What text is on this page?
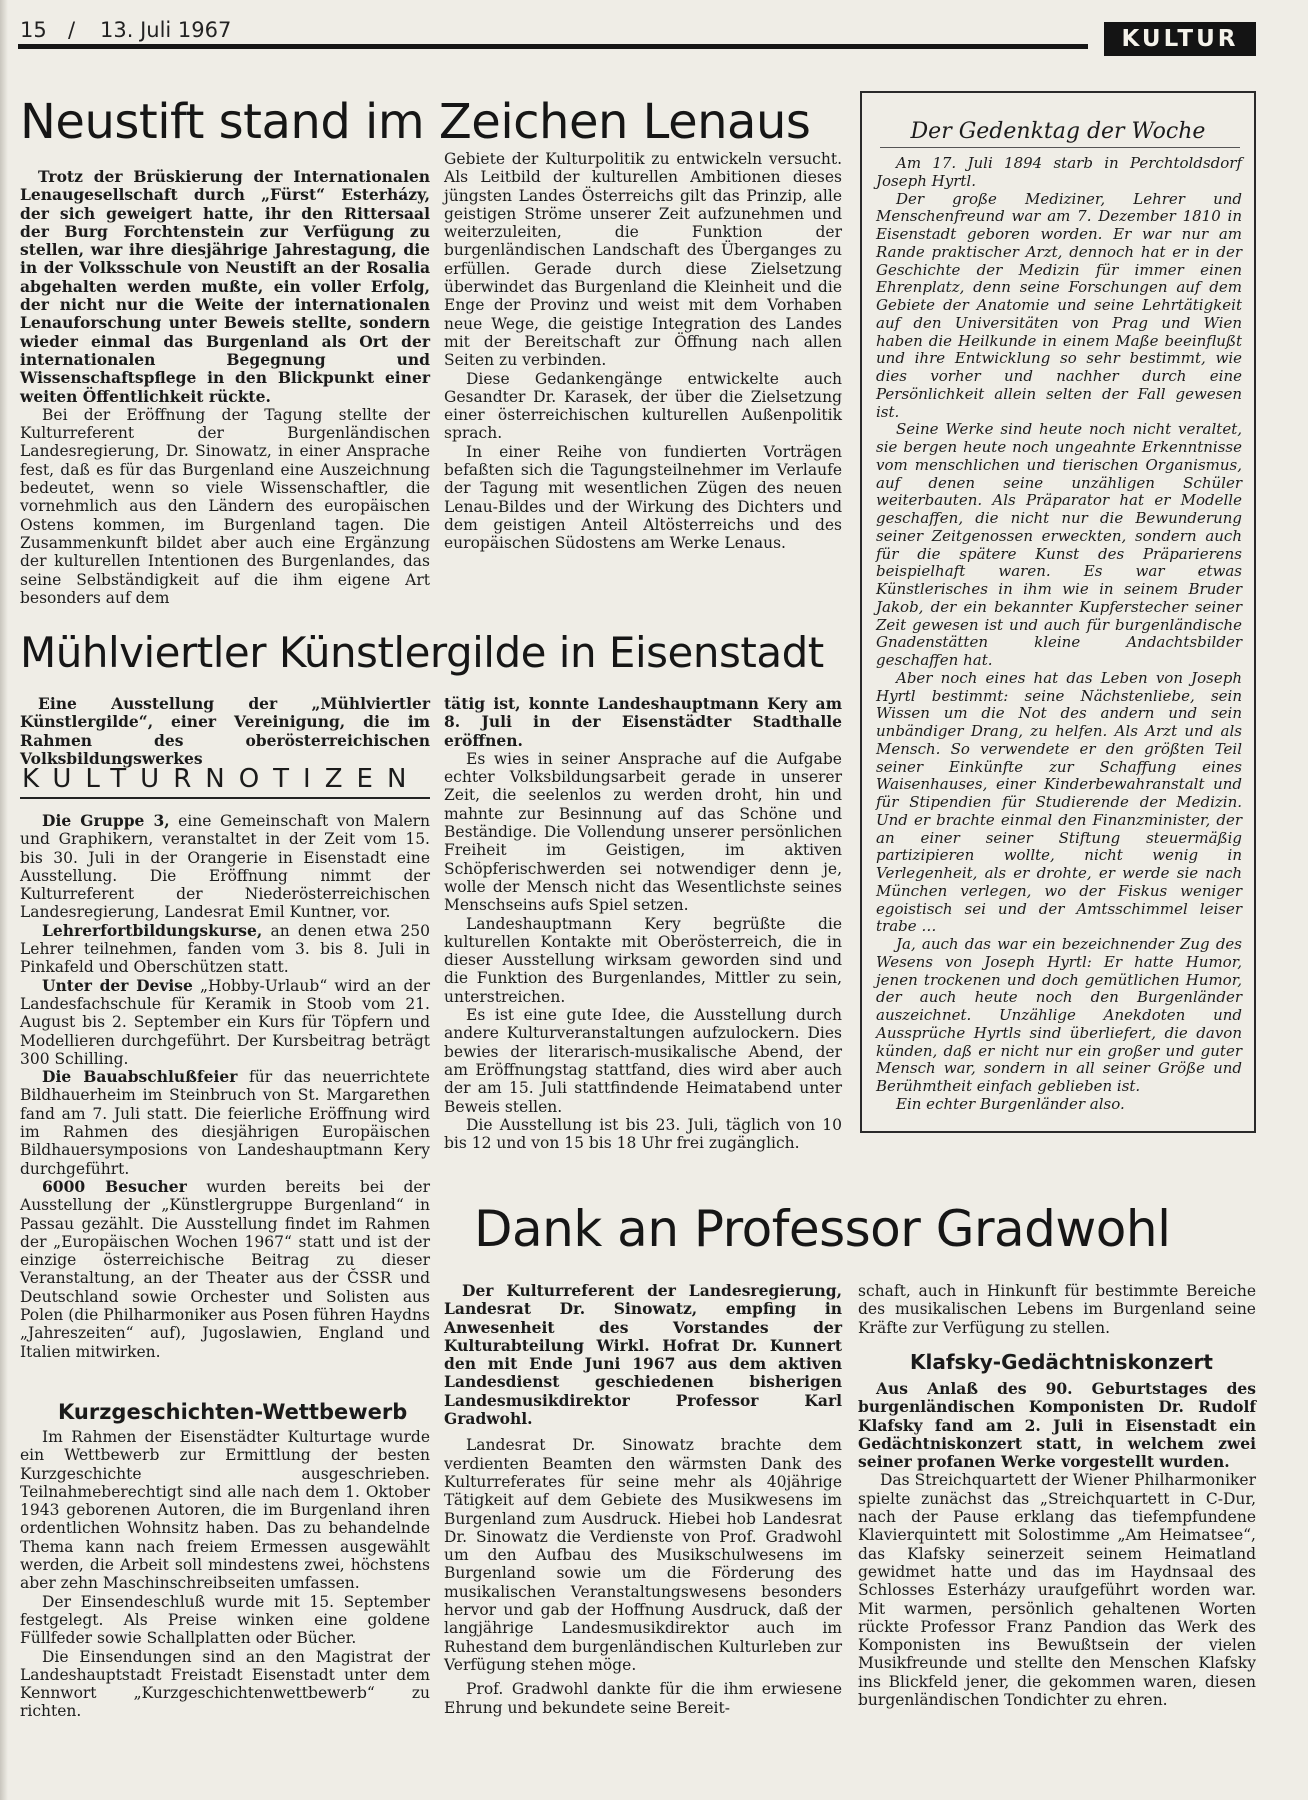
15 / 13. Juli 1967	KULTUR
Neustift stand im Zeichen Lenaus

Trotz der Brüskierung der Internationalen Lenaugesellschaft durch „Fürst“ Esterházy, der sich geweigert hatte, ihr den Rittersaal der Burg Forchtenstein zur Verfügung zu stellen, war ihre diesjährige Jahrestagung, die in der Volksschule von Neustift an der Rosalia abgehalten werden mußte, ein voller Erfolg, der nicht nur die Weite der internationalen Lenauforschung unter Beweis stellte, sondern wieder einmal das Burgenland als Ort der internationalen Begegnung und Wissenschaftspflege in den Blickpunkt einer weiten Öffentlichkeit rückte.

Bei der Eröffnung der Tagung stellte der Kulturreferent der Burgenländischen Landesregierung, Dr. Sinowatz, in einer Ansprache fest, daß es für das Burgenland eine Auszeichnung bedeutet, wenn so viele Wissenschaftler, die vornehmlich aus den Ländern des europäischen Ostens kommen, im Burgenland tagen. Die Zusammenkunft bildet aber auch eine Ergänzung der kulturellen Intentionen des Burgenlandes, das seine Selbständigkeit auf die ihm eigene Art besonders auf dem

Gebiete der Kulturpolitik zu entwickeln versucht. Als Leitbild der kulturellen Ambitionen dieses jüngsten Landes Österreichs gilt das Prinzip, alle geistigen Ströme unserer Zeit aufzunehmen und weiterzuleiten, die Funktion der burgenländischen Landschaft des Überganges zu erfüllen. Gerade durch diese Zielsetzung überwindet das Burgenland die Kleinheit und die Enge der Provinz und weist mit dem Vorhaben neue Wege, die geistige Integration des Landes mit der Bereitschaft zur Öffnung nach allen Seiten zu verbinden.

Diese Gedankengänge entwickelte auch Gesandter Dr. Karasek, der über die Zielsetzung einer österreichischen kulturellen Außenpolitik sprach.

In einer Reihe von fundierten Vorträgen befaßten sich die Tagungsteilnehmer im Verlaufe der Tagung mit wesentlichen Zügen des neuen Lenau-Bildes und der Wirkung des Dichters und dem geistigen Anteil Altösterreichs und des europäischen Südostens am Werke Lenaus.

Mühlviertler Künstlergilde in Eisenstadt

Eine Ausstellung der „Mühlviertler Künstlergilde“, einer Vereinigung, die im Rahmen des oberösterreichischen Volksbildungswerkes

tätig ist, konnte Landeshauptmann Kery am 8. Juli in der Eisenstädter Stadthalle eröffnen.

Es wies in seiner Ansprache auf die Aufgabe echter Volksbildungsarbeit gerade in unserer Zeit, die seelenlos zu werden droht, hin und mahnte zur Besinnung auf das Schöne und Beständige. Die Vollendung unserer persönlichen Freiheit im Geistigen, im aktiven Schöpferischwerden sei notwendiger denn je, wolle der Mensch nicht das Wesentlichste seines Menschseins aufs Spiel setzen.

Landeshauptmann Kery begrüßte die kulturellen Kontakte mit Oberösterreich, die in dieser Ausstellung wirksam geworden sind und die Funktion des Burgenlandes, Mittler zu sein, unterstreichen.

Es ist eine gute Idee, die Ausstellung durch andere Kulturveranstaltungen aufzulockern. Dies bewies der literarisch-musikalische Abend, der am Eröffnungstag stattfand, dies wird aber auch der am 15. Juli stattfindende Heimatabend unter Beweis stellen.

Die Ausstellung ist bis 23. Juli, täglich von 10 bis 12 und von 15 bis 18 Uhr frei zugänglich.

KULTURNOTIZEN

Die Gruppe 3, eine Gemeinschaft von Malern und Graphikern, veranstaltet in der Zeit vom 15. bis 30. Juli in der Orangerie in Eisenstadt eine Ausstellung. Die Eröffnung nimmt der Kulturreferent der Niederösterreichischen Landesregierung, Landesrat Emil Kuntner, vor.

Lehrerfortbildungskurse, an denen etwa 250 Lehrer teilnehmen, fanden vom 3. bis 8. Juli in Pinkafeld und Oberschützen statt.

Unter der Devise „Hobby-Urlaub“ wird an der Landesfachschule für Keramik in Stoob vom 21. August bis 2. September ein Kurs für Töpfern und Modellieren durchgeführt. Der Kursbeitrag beträgt 300 Schilling.

Die Bauabschlußfeier für das neuerrichtete Bildhauerheim im Steinbruch von St. Margarethen fand am 7. Juli statt. Die feierliche Eröffnung wird im Rahmen des diesjährigen Europäischen Bildhauersymposions von Landeshauptmann Kery durchgeführt.

6000 Besucher wurden bereits bei der Ausstellung der „Künstlergruppe Burgenland“ in Passau gezählt. Die Ausstellung findet im Rahmen der „Europäischen Wochen 1967“ statt und ist der einzige österreichische Beitrag zu dieser Veranstaltung, an der Theater aus der ČSSR und Deutschland sowie Orchester und Solisten aus Polen (die Philharmoniker aus Posen führen Haydns „Jahreszeiten“ auf), Jugoslawien, England und Italien mitwirken.

Kurzgeschichten-Wettbewerb

Im Rahmen der Eisenstädter Kulturtage wurde ein Wettbewerb zur Ermittlung der besten Kurzgeschichte ausgeschrieben. Teilnahmeberechtigt sind alle nach dem 1. Oktober 1943 geborenen Autoren, die im Burgenland ihren ordentlichen Wohnsitz haben. Das zu behandelnde Thema kann nach freiem Ermessen ausgewählt werden, die Arbeit soll mindestens zwei, höchstens aber zehn Maschinschreibseiten umfassen.

Der Einsendeschluß wurde mit 15. September festgelegt. Als Preise winken eine goldene Füllfeder sowie Schallplatten oder Bücher.

Die Einsendungen sind an den Magistrat der Landeshauptstadt Freistadt Eisenstadt unter dem Kennwort „Kurzgeschichtenwettbewerb“ zu richten.

Dank an Professor Gradwohl

Der Kulturreferent der Landesregierung, Landesrat Dr. Sinowatz, empfing in Anwesenheit des Vorstandes der Kulturabteilung Wirkl. Hofrat Dr. Kunnert den mit Ende Juni 1967 aus dem aktiven Landesdienst geschiedenen bisherigen Landesmusikdirektor Professor Karl Gradwohl.

Landesrat Dr. Sinowatz brachte dem verdienten Beamten den wärmsten Dank des Kulturreferates für seine mehr als 40jährige Tätigkeit auf dem Gebiete des Musikwesens im Burgenland zum Ausdruck. Hiebei hob Landesrat Dr. Sinowatz die Verdienste von Prof. Gradwohl um den Aufbau des Musikschulwesens im Burgenland sowie um die Förderung des musikalischen Veranstaltungswesens besonders hervor und gab der Hoffnung Ausdruck, daß der langjährige Landesmusikdirektor auch im Ruhestand dem burgenländischen Kulturleben zur Verfügung stehen möge.

Prof. Gradwohl dankte für die ihm erwiesene Ehrung und bekundete seine Bereit-

schaft, auch in Hinkunft für bestimmte Bereiche des musikalischen Lebens im Burgenland seine Kräfte zur Verfügung zu stellen.

Klafsky-Gedächtniskonzert

Aus Anlaß des 90. Geburtstages des burgenländischen Komponisten Dr. Rudolf Klafsky fand am 2. Juli in Eisenstadt ein Gedächtniskonzert statt, in welchem zwei seiner profanen Werke vorgestellt wurden.

Das Streichquartett der Wiener Philharmoniker spielte zunächst das „Streichquartett in C-Dur, nach der Pause erklang das tiefempfundene Klavierquintett mit Solostimme „Am Heimatsee“, das Klafsky seinerzeit seinem Heimatland gewidmet hatte und das im Haydnsaal des Schlosses Esterházy uraufgeführt worden war. Mit warmen, persönlich gehaltenen Worten rückte Professor Franz Pandion das Werk des Komponisten ins Bewußtsein der vielen Musikfreunde und stellte den Menschen Klafsky ins Blickfeld jener, die gekommen waren, diesen burgenländischen Tondichter zu ehren.

Der Gedenktag der Woche

Am 17. Juli 1894 starb in Perchtoldsdorf Joseph Hyrtl.

Der große Mediziner, Lehrer und Menschenfreund war am 7. Dezember 1810 in Eisenstadt geboren worden. Er war nur am Rande praktischer Arzt, dennoch hat er in der Geschichte der Medizin für immer einen Ehrenplatz, denn seine Forschungen auf dem Gebiete der Anatomie und seine Lehrtätigkeit auf den Universitäten von Prag und Wien haben die Heilkunde in einem Maße beeinflußt und ihre Entwicklung so sehr bestimmt, wie dies vorher und nachher durch eine Persönlichkeit allein selten der Fall gewesen ist.

Seine Werke sind heute noch nicht veraltet, sie bergen heute noch ungeahnte Erkenntnisse vom menschlichen und tierischen Organismus, auf denen seine unzähligen Schüler weiterbauten. Als Präparator hat er Modelle geschaffen, die nicht nur die Bewunderung seiner Zeitgenossen erweckten, sondern auch für die spätere Kunst des Präparierens beispielhaft waren. Es war etwas Künstlerisches in ihm wie in seinem Bruder Jakob, der ein bekannter Kupferstecher seiner Zeit gewesen ist und auch für burgenländische Gnadenstätten kleine Andachtsbilder geschaffen hat.

Aber noch eines hat das Leben von Joseph Hyrtl bestimmt: seine Nächstenliebe, sein Wissen um die Not des andern und sein unbändiger Drang, zu helfen. Als Arzt und als Mensch. So verwendete er den größten Teil seiner Einkünfte zur Schaffung eines Waisenhauses, einer Kinderbewahranstalt und für Stipendien für Studierende der Medizin. Und er brachte einmal den Finanzminister, der an einer seiner Stiftung steuermäßig partizipieren wollte, nicht wenig in Verlegenheit, als er drohte, er werde sie nach München verlegen, wo der Fiskus weniger egoistisch sei und der Amtsschimmel leiser trabe …

Ja, auch das war ein bezeichnender Zug des Wesens von Joseph Hyrtl: Er hatte Humor, jenen trockenen und doch gemütlichen Humor, der auch heute noch den Burgenländer auszeichnet. Unzählige Anekdoten und Aussprüche Hyrtls sind überliefert, die davon künden, daß er nicht nur ein großer und guter Mensch war, sondern in all seiner Größe und Berühmtheit einfach geblieben ist.

Ein echter Burgenländer also.
